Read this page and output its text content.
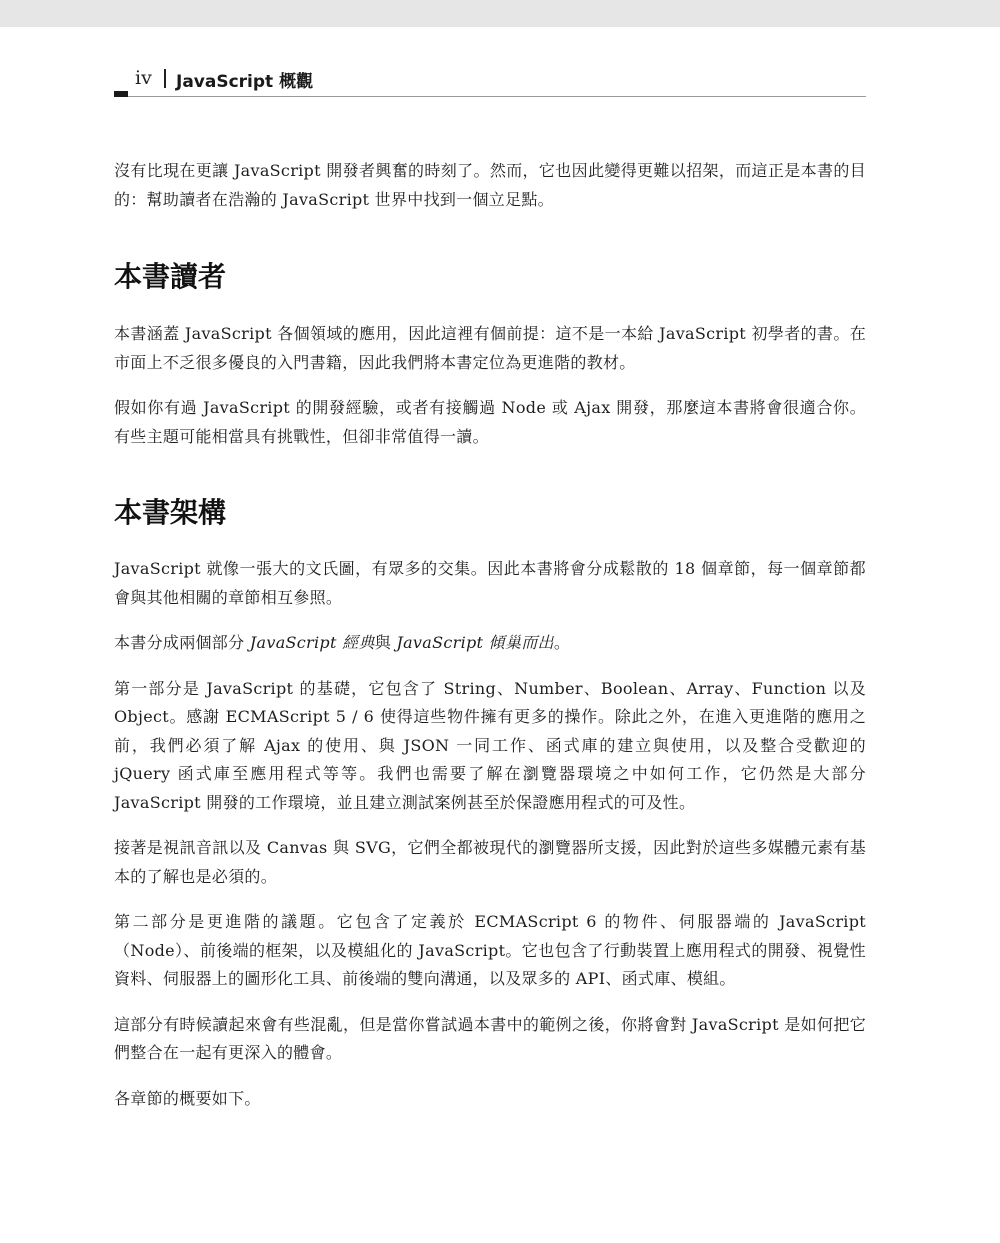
iv JavaScript 概觀

沒有比現在更讓 JavaScript 開發者興奮的時刻了。然而，它也因此變得更難以招架，而這正是本書的目的：幫助讀者在浩瀚的 JavaScript 世界中找到一個立足點。

本書讀者

本書涵蓋 JavaScript 各個領域的應用，因此這裡有個前提：這不是一本給 JavaScript 初學者的書。在市面上不乏很多優良的入門書籍，因此我們將本書定位為更進階的教材。

假如你有過 JavaScript 的開發經驗，或者有接觸過 Node 或 Ajax 開發，那麼這本書將會很適合你。有些主題可能相當具有挑戰性，但卻非常值得一讀。

本書架構

JavaScript 就像一張大的文氏圖，有眾多的交集。因此本書將會分成鬆散的 18 個章節，每一個章節都會與其他相關的章節相互參照。

本書分成兩個部分 JavaScript 經典與 JavaScript 傾巢而出。

第一部分是 JavaScript 的基礎，它包含了 String、Number、Boolean、Array、Function 以及 Object。感謝 ECMAScript 5 / 6 使得這些物件擁有更多的操作。除此之外，在進入更進階的應用之前，我們必須了解 Ajax 的使用、與 JSON 一同工作、函式庫的建立與使用，以及整合受歡迎的 jQuery 函式庫至應用程式等等。我們也需要了解在瀏覽器環境之中如何工作，它仍然是大部分 JavaScript 開發的工作環境，並且建立測試案例甚至於保證應用程式的可及性。

接著是視訊音訊以及 Canvas 與 SVG，它們全都被現代的瀏覽器所支援，因此對於這些多媒體元素有基本的了解也是必須的。

第二部分是更進階的議題。它包含了定義於 ECMAScript 6 的物件、伺服器端的 JavaScript（Node）、前後端的框架，以及模組化的 JavaScript。它也包含了行動裝置上應用程式的開發、視覺性資料、伺服器上的圖形化工具、前後端的雙向溝通，以及眾多的 API、函式庫、模組。

這部分有時候讀起來會有些混亂，但是當你嘗試過本書中的範例之後，你將會對 JavaScript 是如何把它們整合在一起有更深入的體會。

各章節的概要如下。
